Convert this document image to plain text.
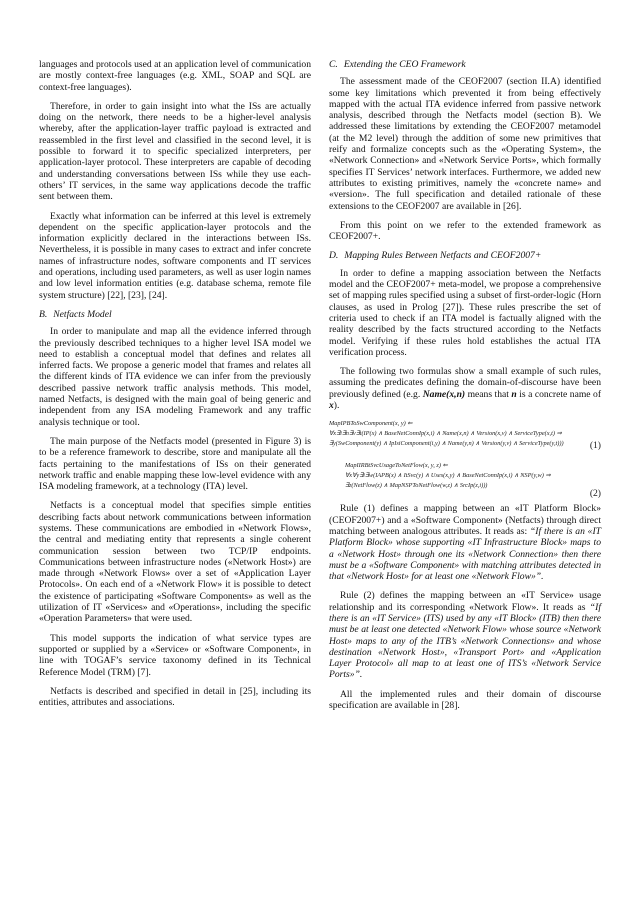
languages and protocols used at an application level of communication are mostly context-free languages (e.g. XML, SOAP and SQL are context-free languages).

Therefore, in order to gain insight into what the ISs are actually doing on the network, there needs to be a higher-level analysis whereby, after the application-layer traffic payload is extracted and reassembled in the first level and classified in the second level, it is possible to forward it to specific specialized interpreters, per application-layer protocol. These interpreters are capable of decoding and understanding conversations between ISs while they use each-others’ IT services, in the same way applications decode the traffic sent between them.

Exactly what information can be inferred at this level is extremely dependent on the specific application-layer protocols and the information explicitly declared in the interactions between ISs. Nevertheless, it is possible in many cases to extract and infer concrete names of infrastructure nodes, software components and IT services and operations, including used parameters, as well as user login names and low level information entities (e.g. database schema, remote file system structure) [22], [23], [24].

B. Netfacts Model

In order to manipulate and map all the evidence inferred through the previously described techniques to a higher level ISA model we need to establish a conceptual model that defines and relates all inferred facts. We propose a generic model that frames and relates all the different kinds of ITA evidence we can infer from the previously described passive network traffic analysis methods. This model, named Netfacts, is designed with the main goal of being generic and independent from any ISA modeling Framework and any traffic analysis technique or tool.

The main purpose of the Netfacts model (presented in Figure 3) is to be a reference framework to describe, store and manipulate all the facts pertaining to the manifestations of ISs on their generated network traffic and enable mapping these low-level evidence with any ISA modeling framework, at a technology (ITA) level.

Netfacts is a conceptual model that specifies simple entities describing facts about network communications between information systems. These communications are embodied in «Network Flows», the central and mediating entity that represents a single coherent communication session between two TCP/IP endpoints. Communications between infrastructure nodes («Network Host») are made through «Network Flows» over a set of «Application Layer Protocols». On each end of a «Network Flow» it is possible to detect the existence of participating «Software Components» as well as the utilization of IT «Services» and «Operations», including the specific «Operation Parameters» that were used.

This model supports the indication of what service types are supported or supplied by a «Service» or «Software Component», in line with TOGAF’s service taxonomy defined in its Technical Reference Model (TRM) [7].

Netfacts is described and specified in detail in [25], including its entities, attributes and associations.

C. Extending the CEO Framework

The assessment made of the CEOF2007 (section II.A) identified some key limitations which prevented it from being effectively mapped with the actual ITA evidence inferred from passive network analysis, described through the Netfacts model (section B). We addressed these limitations by extending the CEOF2007 metamodel (at the M2 level) through the addition of some new primitives that reify and formalize concepts such as the «Operating System», the «Network Connection» and «Network Service Ports», which formally specifies IT Services’ network interfaces. Furthermore, we added new attributes to existing primitives, namely the «concrete name» and «version». The full specification and detailed rationale of these extensions to the CEOF2007 are available in [26].

From this point on we refer to the extended framework as CEOF2007+.

D. Mapping Rules Between Netfacts and CEOF2007+

In order to define a mapping association between the Netfacts model and the CEOF2007+ meta-model, we propose a comprehensive set of mapping rules specified using a subset of first-order-logic (Horn clauses, as used in Prolog [27]). These rules prescribe the set of criteria used to check if an ITA model is factually aligned with the reality described by the facts structured according to the Netfacts model. Verifying if these rules hold establishes the actual ITA verification process.

The following two formulas show a small example of such rules, assuming the predicates defining the domain-of-discourse have been previously defined (e.g. Name(x,n) means that n is a concrete name of x).

MapIPBToSwComponent(x, y) ⇐
∀x∃i∃n∃v∃t(IP(x) ∧ BaseNetConnIp(x,i) ∧ Name(x,n) ∧ Version(x,v) ∧ ServiceType(x,t) ⇒
∃y(SwComponent(y) ∧ IpIsiComponent(i,y) ∧ Name(y,n) ∧ Version(y,v) ∧ ServiceType(y,t)))	(1)
MapIIRBtSvcUsageToNetFlow(x, y, z) ⇐
∀x∀y∃i∃w(IAPB(x) ∧ ItSvc(y) ∧ Uses(x,y) ∧ BaseNetConnIp(x,i) ∧ NSP(y,w) ⇒
∃z(NetFlow(z) ∧ MapNSPToNetFlow(w,z) ∧ SrcIp(z,i)))
(2)

Rule (1) defines a mapping between an «IT Platform Block» (CEOF2007+) and a «Software Component» (Netfacts) through direct matching between analogous attributes. It reads as: “If there is an «IT Platform Block» whose supporting «IT Infrastructure Block» maps to a «Network Host» through one its «Network Connection» then there must be a «Software Component» with matching attributes detected in that «Network Host» for at least one «Network Flow»”.

Rule (2) defines the mapping between an «IT Service» usage relationship and its corresponding «Network Flow». It reads as “If there is an «IT Service» (ITS) used by any «IT Block» (ITB) then there must be at least one detected «Network Flow» whose source «Network Host» maps to any of the ITB’s «Network Connections» and whose destination «Network Host», «Transport Port» and «Application Layer Protocol» all map to at least one of ITS’s «Network Service Ports»”.

All the implemented rules and their domain of discourse specification are available in [28].
